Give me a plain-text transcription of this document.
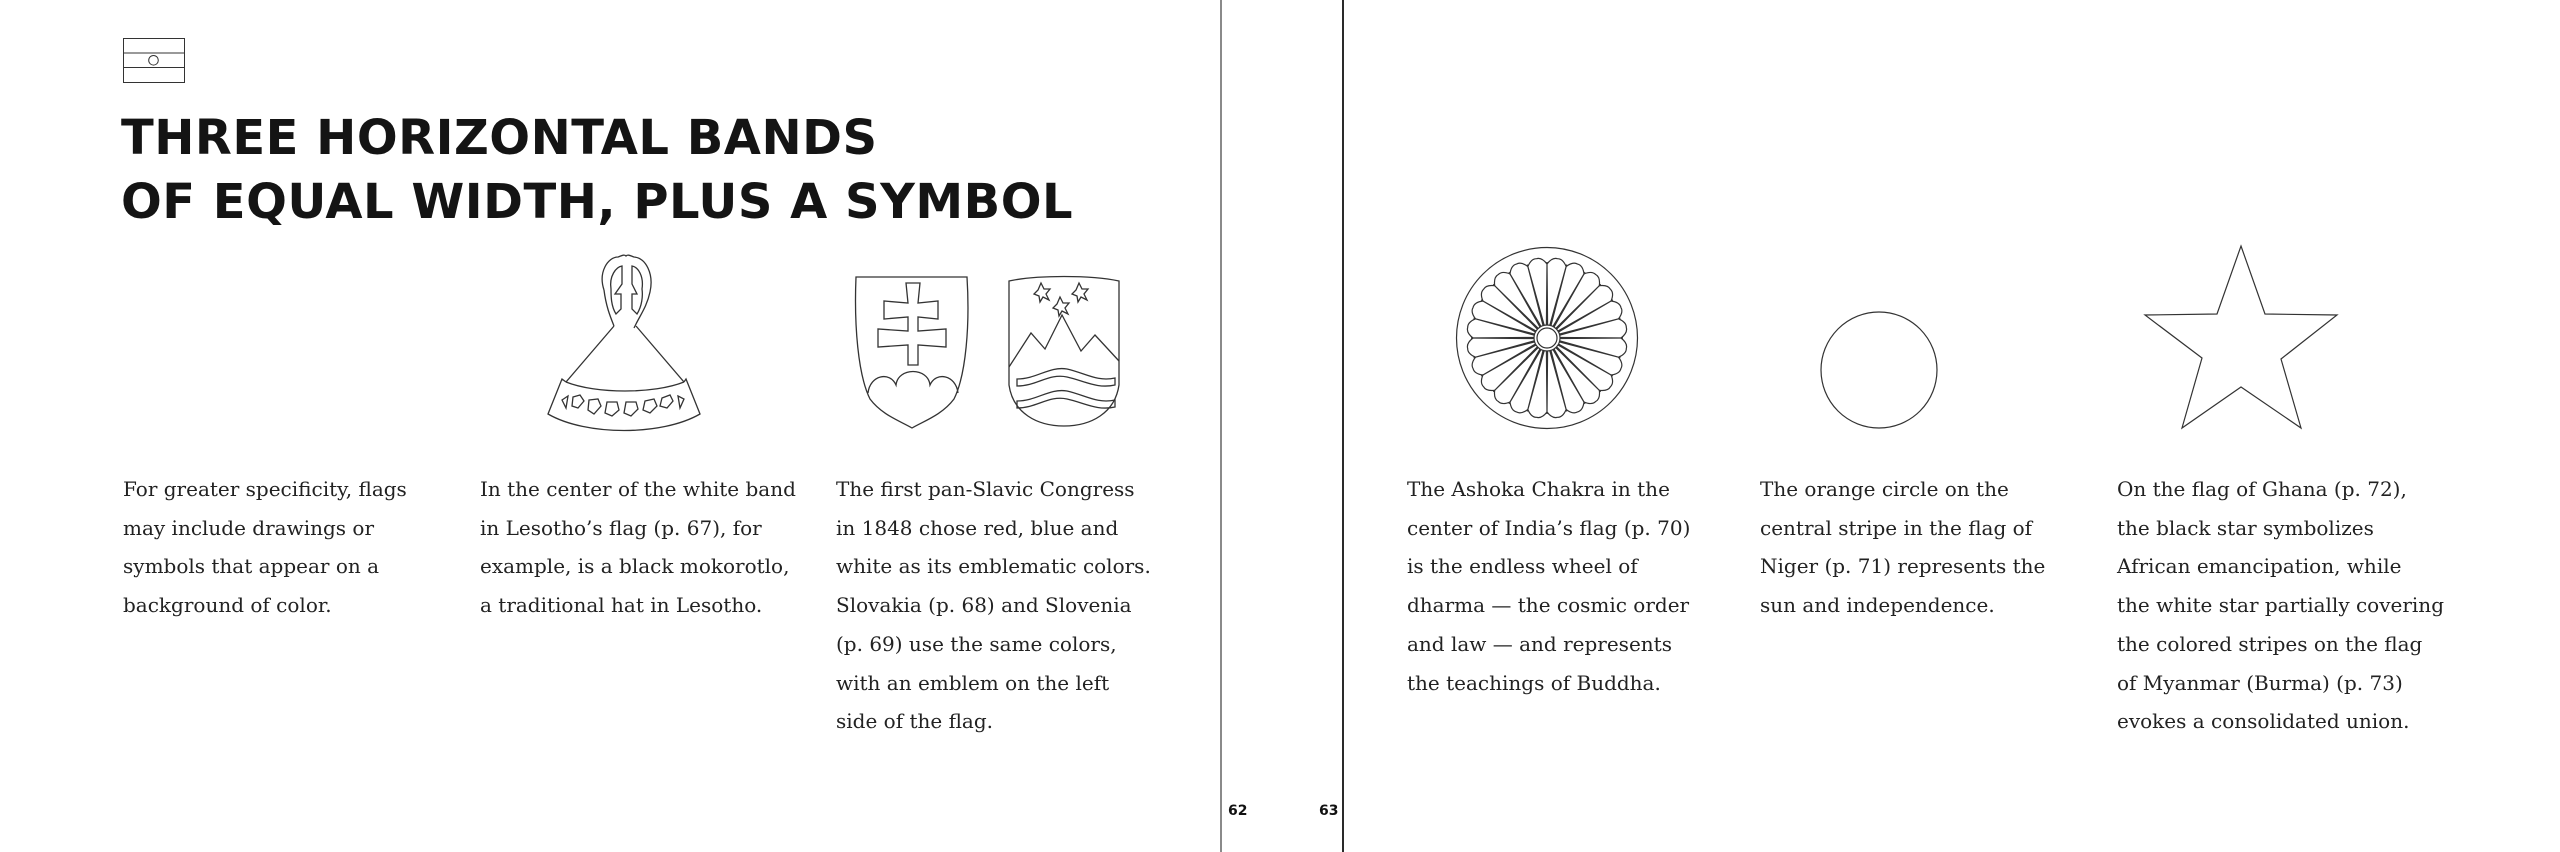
THREE HORIZONTAL BANDS
OF EQUAL WIDTH, PLUS A SYMBOL
For greater specificity, flags
may include drawings or
symbols that appear on a
background of color.
In the center of the white band
in Lesotho’s flag (p. 67), for
example, is a black mokorotlo,
a traditional hat in Lesotho.
The first pan-Slavic Congress
in 1848 chose red, blue and
white as its emblematic colors.
Slovakia (p. 68) and Slovenia
(p. 69) use the same colors,
with an emblem on the left
side of the flag.
62
The Ashoka Chakra in the
center of India’s flag (p. 70)
is the endless wheel of
dharma — the cosmic order
and law — and represents
the teachings of Buddha.
The orange circle on the
central stripe in the flag of
Niger (p. 71) represents the
sun and independence.
On the flag of Ghana (p. 72),
the black star symbolizes
African emancipation, while
the white star partially covering
the colored stripes on the flag
of Myanmar (Burma) (p. 73)
evokes a consolidated union.
63
